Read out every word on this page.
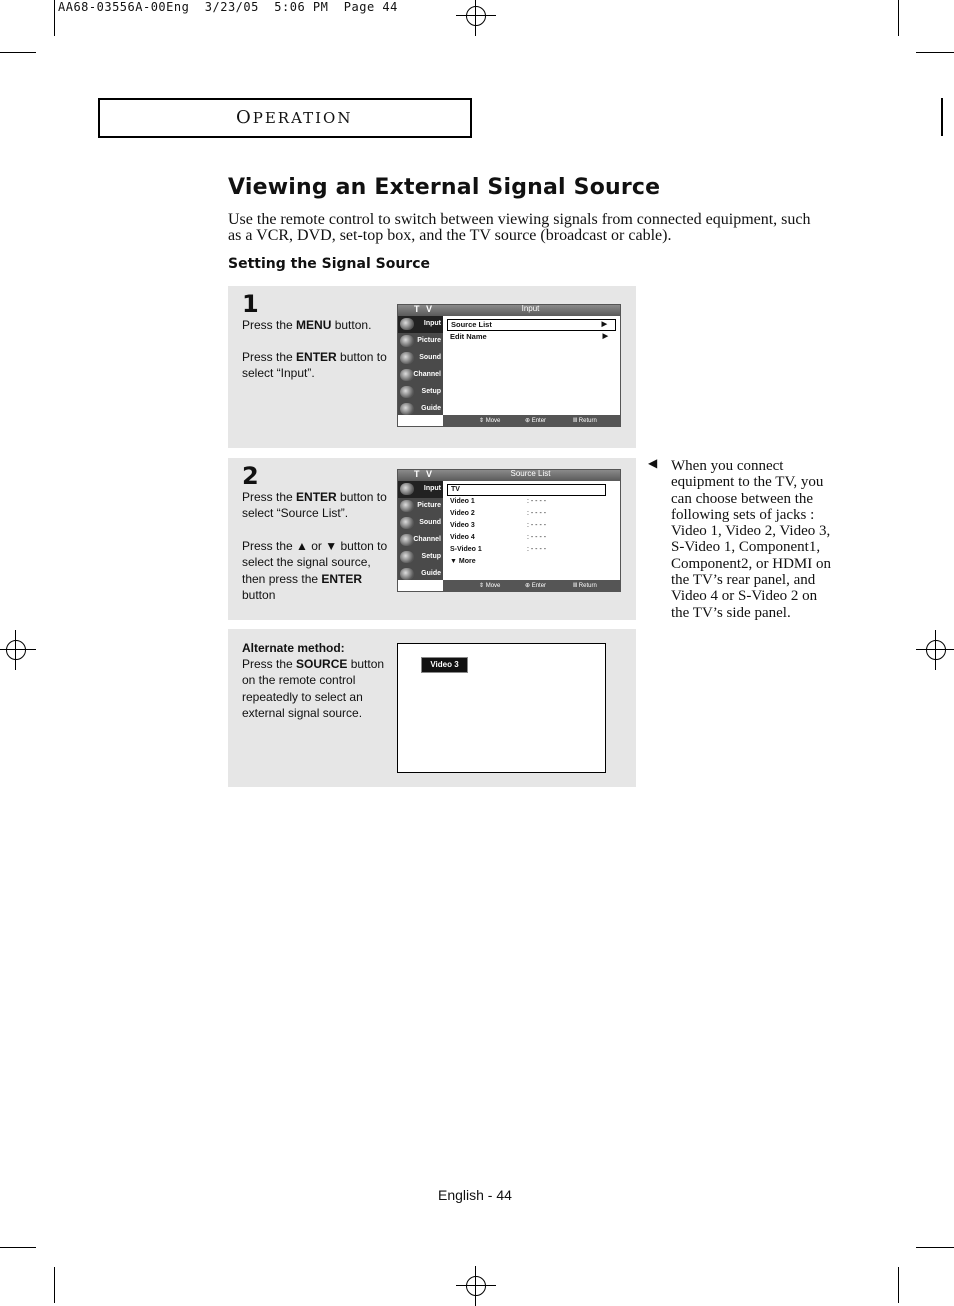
AA68-03556A-00Eng  3/23/05  5:06 PM  Page 44
OPERATION
Viewing an External Signal Source
Use the remote control to switch between viewing signals from connected equipment, such as a VCR, DVD, set-top box, and the TV source (broadcast or cable).
Setting the Signal Source
1
Press the MENU button.
Press the ENTER button to select “Input”.
T V	Input
Input
Picture
Sound
Channel
Setup
Guide
Source List	▶
Edit Name	▶
⇕ Move	⊕ Enter	Ⅲ Return
2
Press the ENTER button to select “Source List”.
Press the ▲ or ▼ button to select the signal source, then press the ENTER button
T V	Source List
Input
Picture
Sound
Channel
Setup
Guide
TV
Video 1	: - - - -
Video 2	: - - - -
Video 3	: - - - -
Video 4	: - - - -
S-Video 1	: - - - -
▼ More
⇕ Move	⊕ Enter	Ⅲ Return
Alternate method:
Press the SOURCE button on the remote control repeatedly to select an external signal source.
Video 3
◀ When you connect equipment to the TV, you can choose between the following sets of jacks : Video 1, Video 2, Video 3, S-Video 1, Component1, Component2, or HDMI on the TV’s rear panel, and Video 4 or S-Video 2 on the TV’s side panel.
English - 44
